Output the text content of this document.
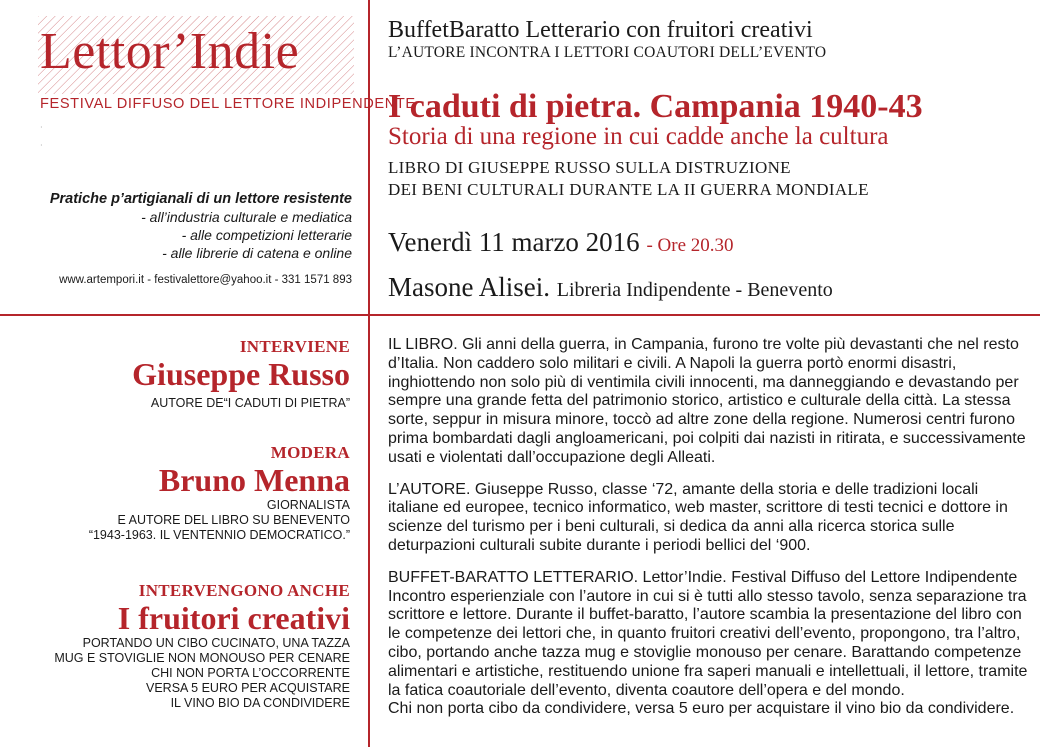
Lettor’Indie
FESTIVAL DIFFUSO DEL LETTORE INDIPENDENTE
·
·
Pratiche p’artigianali di un lettore resistente
- all’industria culturale e mediatica
- alle competizioni letterarie
- alle librerie di catena e online
www.artempori.it - festivalettore@yahoo.it - 331 1571 893
BuffetBaratto Letterario con fruitori creativi
L’AUTORE INCONTRA I LETTORI COAUTORI DELL’EVENTO
I caduti di pietra. Campania 1940-43
Storia di una regione in cui cadde anche la cultura
LIBRO DI GIUSEPPE RUSSO SULLA DISTRUZIONE
DEI BENI CULTURALI DURANTE LA II GUERRA MONDIALE
Venerdì 11 marzo 2016 - Ore 20.30
Masone Alisei. Libreria Indipendente - Benevento
INTERVIENE
Giuseppe Russo
AUTORE DE“I CADUTI DI PIETRA”
MODERA
Bruno Menna
GIORNALISTA
E AUTORE DEL LIBRO SU BENEVENTO
“1943-1963. IL VENTENNIO DEMOCRATICO.”
INTERVENGONO ANCHE
I fruitori creativi
PORTANDO UN CIBO CUCINATO, UNA TAZZA
MUG E STOVIGLIE NON MONOUSO PER CENARE
CHI NON PORTA L’OCCORRENTE
VERSA 5 EURO PER ACQUISTARE
IL VINO BIO DA CONDIVIDERE

IL LIBRO. Gli anni della guerra, in Campania, furono tre volte più devastanti che nel resto d’Italia. Non caddero solo militari e civili. A Napoli la guerra portò enormi disastri, inghiottendo non solo più di ventimila civili innocenti, ma danneggiando e devastando per sempre una grande fetta del patrimonio storico, artistico e culturale della città. La stessa sorte, seppur in misura minore, toccò ad altre zone della regione. Numerosi centri furono prima bombardati dagli angloamericani, poi colpiti dai nazisti in ritirata, e successivamente usati e violentati dall’occupazione degli Alleati.

L’AUTORE. Giuseppe Russo, classe ‘72, amante della storia e delle tradizioni locali italiane ed europee, tecnico informatico, web master, scrittore di testi tecnici e dottore in scienze del turismo per i beni culturali, si dedica da anni alla ricerca storica sulle deturpazioni culturali subite durante i periodi bellici del ‘900.

BUFFET-BARATTO LETTERARIO. Lettor’Indie. Festival Diffuso del Lettore Indipendente
Incontro esperienziale con l’autore in cui si è tutti allo stesso tavolo, senza separazione tra scrittore e lettore. Durante il buffet-baratto, l’autore scambia la presentazione del libro con le competenze dei lettori che, in quanto fruitori creativi dell’evento, propongono, tra l’altro, cibo, portando anche tazza mug e stoviglie monouso per cenare. Barattando competenze alimentari e artistiche, restituendo unione fra saperi manuali e intellettuali, il lettore, tramite la fatica coautoriale dell’evento, diventa coautore dell’opera e del mondo.
Chi non porta cibo da condividere, versa 5 euro per acquistare il vino bio da condividere.
